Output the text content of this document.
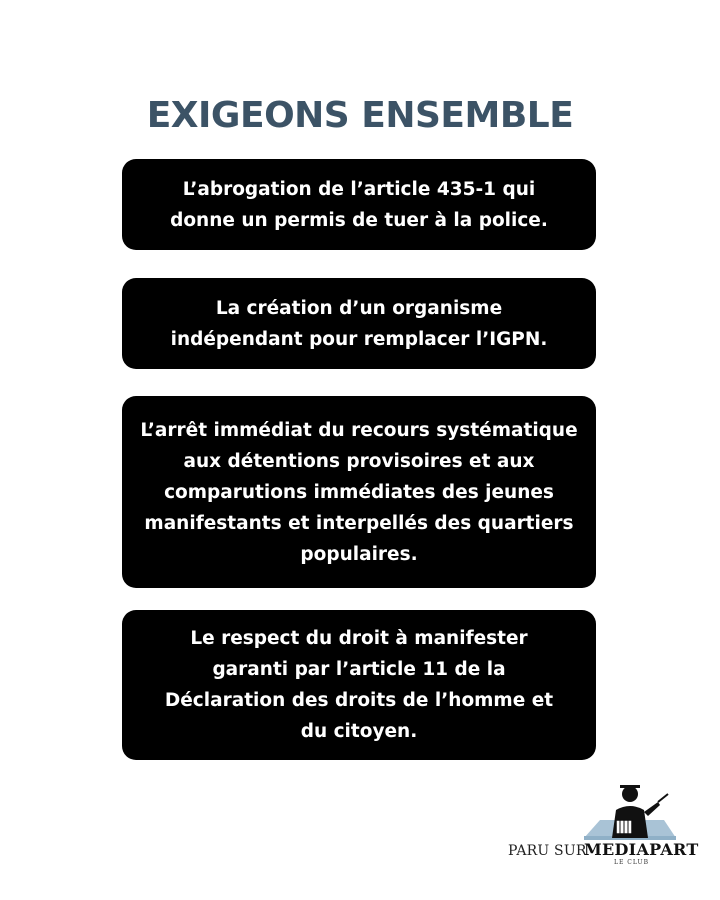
EXIGEONS ENSEMBLE
L’abrogation de l’article 435-1 qui
donne un permis de tuer à la police.
La création d’un organisme
indépendant pour remplacer l’IGPN.
L’arrêt immédiat du recours systématique
aux détentions provisoires et aux
comparutions immédiates des jeunes
manifestants et interpellés des quartiers
populaires.
Le respect du droit à manifester
garanti par l’article 11 de la
Déclaration des droits de l’homme et
du citoyen.
PARU SUR
MEDIAPART
LE CLUB
